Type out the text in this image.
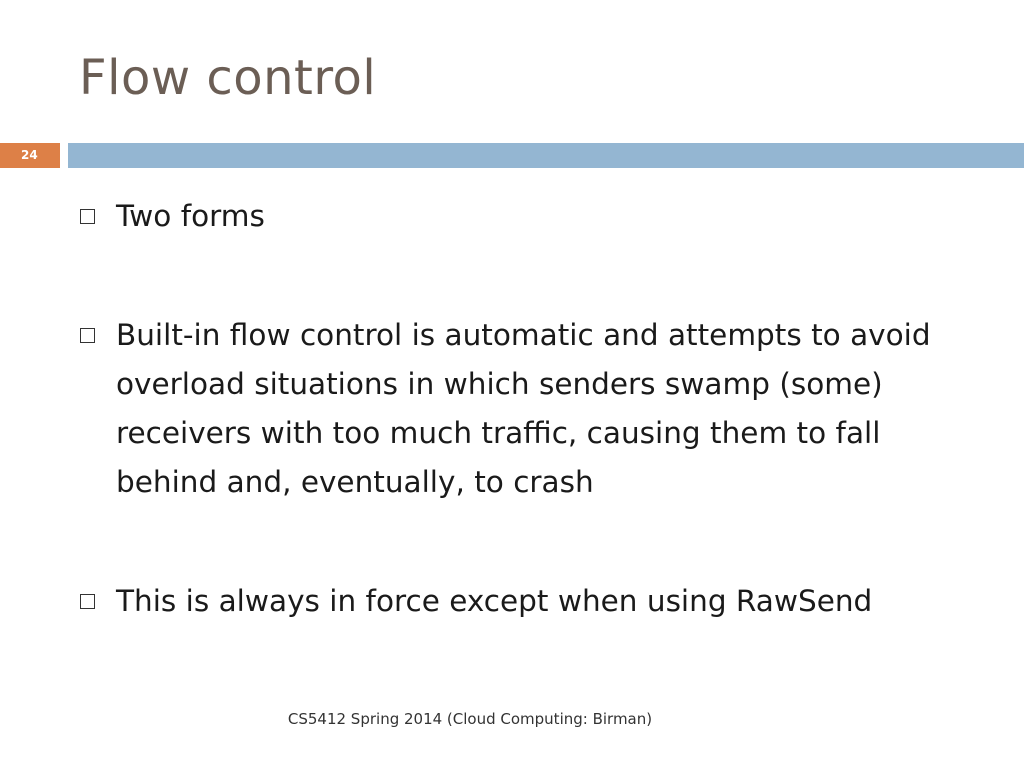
Flow control
24
Two forms
Built-in flow control is automatic and attempts to avoid overload situations in which senders swamp (some) receivers with too much traffic, causing them to fall behind and, eventually, to crash
This is always in force except when using RawSend
CS5412 Spring 2014 (Cloud Computing: Birman)
